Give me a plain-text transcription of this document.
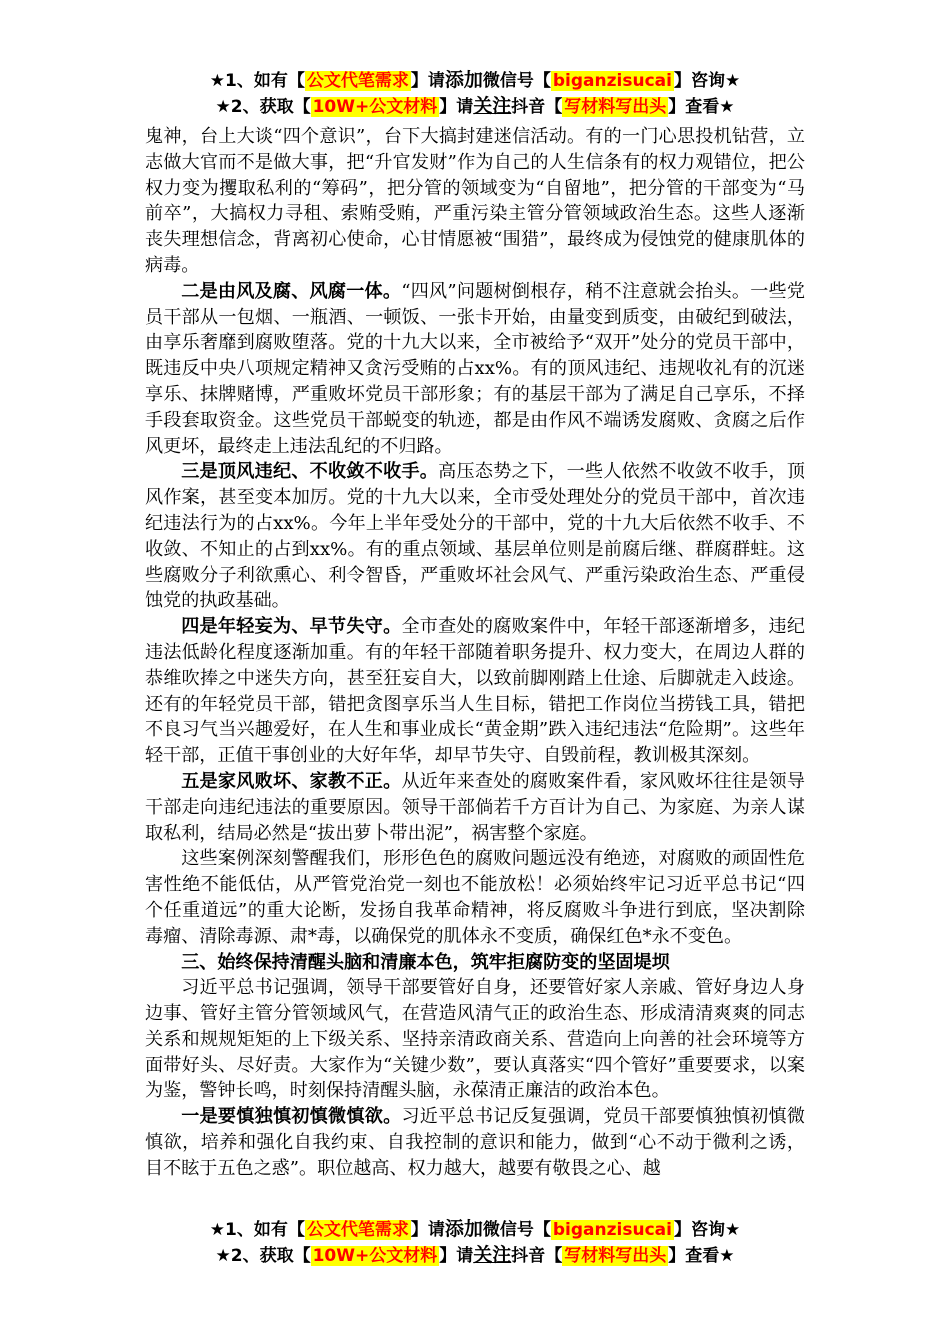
★1、如有【 公文代笔需求 】请添加微信号【 biganzisucai 】咨询★
★2、获取【 10W+公文材料 】请关注抖音【 写材料写出头 】查看★

鬼神，台上大谈“四个意识”，台下大搞封建迷信活动。有的一门心思投机钻营，立志做大官而不是做大事，把“升官发财”作为自己的人生信条有的权力观错位，把公权力变为攫取私利的“筹码”，把分管的领域变为“自留地”，把分管的干部变为“马前卒”，大搞权力寻租、索贿受贿，严重污染主管分管领域政治生态。这些人逐渐丧失理想信念，背离初心使命，心甘情愿被“围猎”，最终成为侵蚀党的健康肌体的病毒。

二是由风及腐、风腐一体。“四风”问题树倒根存，稍不注意就会抬头。一些党员干部从一包烟、一瓶酒、一顿饭、一张卡开始，由量变到质变，由破纪到破法，由享乐奢靡到腐败堕落。党的十九大以来，全市被给予“双开”处分的党员干部中，既违反中央八项规定精神又贪污受贿的占xx%。有的顶风违纪、违规收礼有的沉迷享乐、抹牌赌博，严重败坏党员干部形象；有的基层干部为了满足自己享乐，不择手段套取资金。这些党员干部蜕变的轨迹，都是由作风不端诱发腐败、贪腐之后作风更坏，最终走上违法乱纪的不归路。

三是顶风违纪、不收敛不收手。高压态势之下，一些人依然不收敛不收手，顶风作案，甚至变本加厉。党的十九大以来，全市受处理处分的党员干部中，首次违纪违法行为的占xx%。今年上半年受处分的干部中，党的十九大后依然不收手、不收敛、不知止的占到xx%。有的重点领域、基层单位则是前腐后继、群腐群蛀。这些腐败分子利欲熏心、利令智昏，严重败坏社会风气、严重污染政治生态、严重侵蚀党的执政基础。

四是年轻妄为、早节失守。全市查处的腐败案件中，年轻干部逐渐增多，违纪违法低龄化程度逐渐加重。有的年轻干部随着职务提升、权力变大，在周边人群的恭维吹捧之中迷失方向，甚至狂妄自大，以致前脚刚踏上仕途、后脚就走入歧途。还有的年轻党员干部，错把贪图享乐当人生目标，错把工作岗位当捞钱工具，错把不良习气当兴趣爱好，在人生和事业成长“黄金期”跌入违纪违法“危险期”。这些年轻干部，正值干事创业的大好年华，却早节失守、自毁前程，教训极其深刻。

五是家风败坏、家教不正。从近年来查处的腐败案件看，家风败坏往往是领导干部走向违纪违法的重要原因。领导干部倘若千方百计为自己、为家庭、为亲人谋取私利，结局必然是“拔出萝卜带出泥”，祸害整个家庭。

这些案例深刻警醒我们，形形色色的腐败问题远没有绝迹，对腐败的顽固性危害性绝不能低估，从严管党治党一刻也不能放松！必须始终牢记习近平总书记“四个任重道远”的重大论断，发扬自我革命精神，将反腐败斗争进行到底，坚决割除毒瘤、清除毒源、肃*毒，以确保党的肌体永不变质，确保红色*永不变色。

三、始终保持清醒头脑和清廉本色，筑牢拒腐防变的坚固堤坝

习近平总书记强调，领导干部要管好自身，还要管好家人亲戚、管好身边人身边事、管好主管分管领域风气，在营造风清气正的政治生态、形成清清爽爽的同志关系和规规矩矩的上下级关系、坚持亲清政商关系、营造向上向善的社会环境等方面带好头、尽好责。大家作为“关键少数”，要认真落实“四个管好”重要要求，以案为鉴，警钟长鸣，时刻保持清醒头脑，永葆清正廉洁的政治本色。

一是要慎独慎初慎微慎欲。习近平总书记反复强调，党员干部要慎独慎初慎微慎欲，培养和强化自我约束、自我控制的意识和能力，做到“心不动于微利之诱，目不眩于五色之惑”。职位越高、权力越大，越要有敬畏之心、越

★1、如有【 公文代笔需求 】请添加微信号【 biganzisucai 】咨询★
★2、获取【 10W+公文材料 】请关注抖音【 写材料写出头 】查看★
